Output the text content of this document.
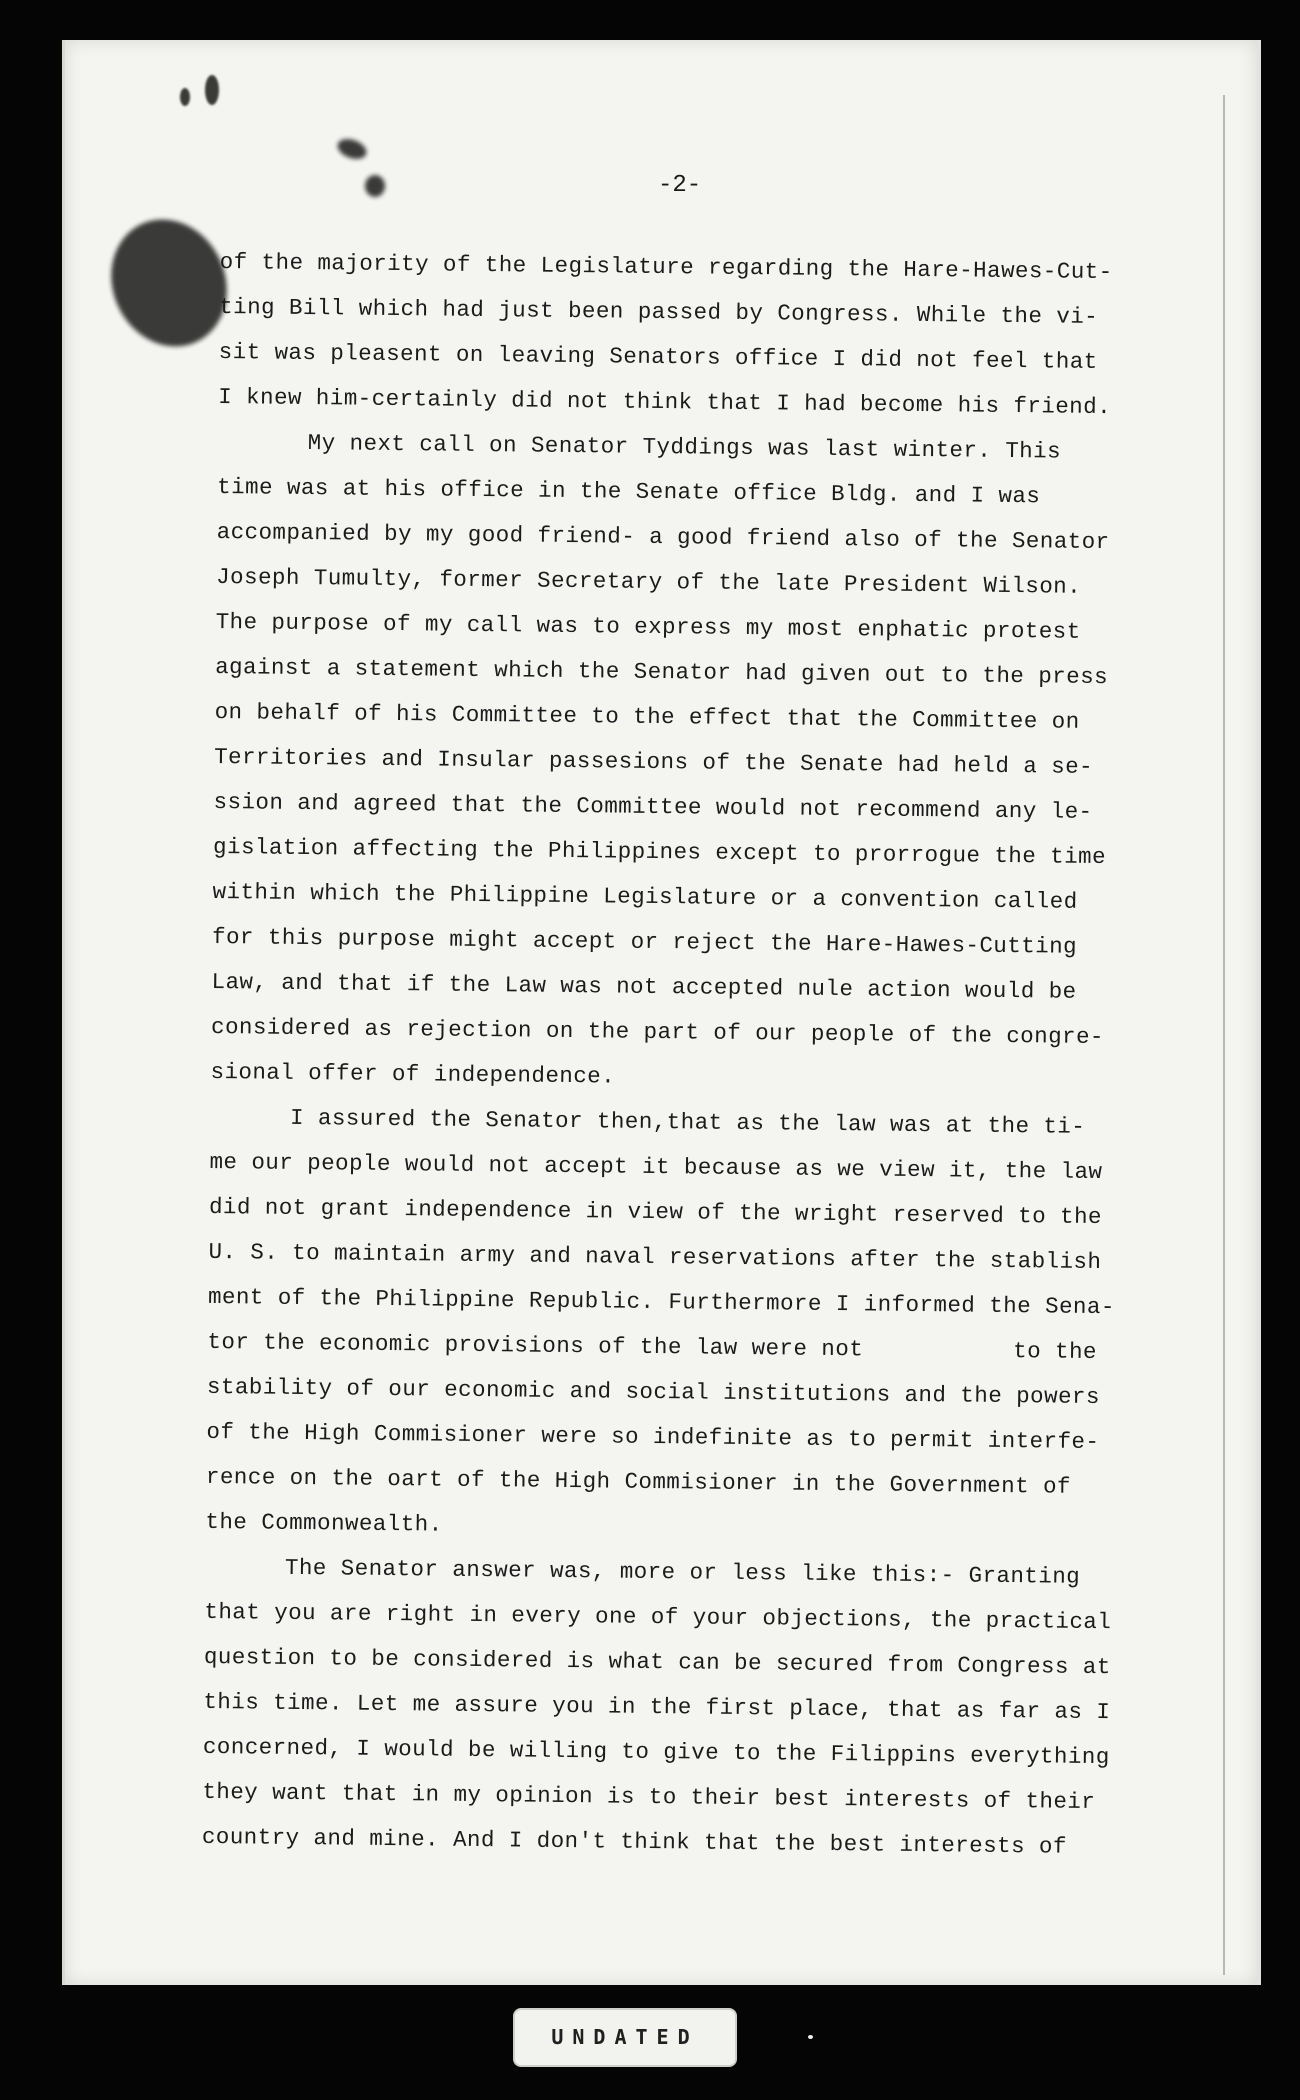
-2-
of the majority of the Legislature regarding the Hare-Hawes-Cut-
ting Bill which had just been passed by Congress. While the vi-
sit was pleasent on leaving Senators office I did not feel that
I knew him-certainly did not think that I had become his friend.
My next call on Senator Tyddings was last winter. This
time was at his office in the Senate office Bldg. and I was
accompanied by my good friend- a good friend also of the Senator
Joseph Tumulty, former Secretary of the late President Wilson.
The purpose of my call was to express my most enphatic protest
against a statement which the Senator had given out to the press
on behalf of his Committee to the effect that the Committee on
Territories and Insular passesions of the Senate had held a se-
ssion and agreed that the Committee would not recommend any le-
gislation affecting the Philippines except to prorrogue the time
within which the Philippine Legislature or a convention called
for this purpose might accept or reject the Hare-Hawes-Cutting
Law, and that if the Law was not accepted nule action would be
considered as rejection on the part of our people of the congre-
sional offer of independence.
I assured the Senator then,that as the law was at the ti-
me our people would not accept it because as we view it, the law
did not grant independence in view of the wright reserved to the
U. S. to maintain army and naval reservations after the stablish
ment of the Philippine Republic. Furthermore I informed the Sena-
tor the economic provisions of the law were not	to the
stability of our economic and social institutions and the powers
of the High Commisioner were so indefinite as to permit interfe-
rence on the oart of the High Commisioner in the Government of
the Commonwealth.
The Senator answer was, more or less like this:- Granting
that you are right in every one of your objections, the practical
question to be considered is what can be secured from Congress at
this time. Let me assure you in the first place, that as far as I
concerned, I would be willing to give to the Filippins everything
they want that in my opinion is to their best interests of their
country and mine. And I don't think that the best interests of
UNDATED
